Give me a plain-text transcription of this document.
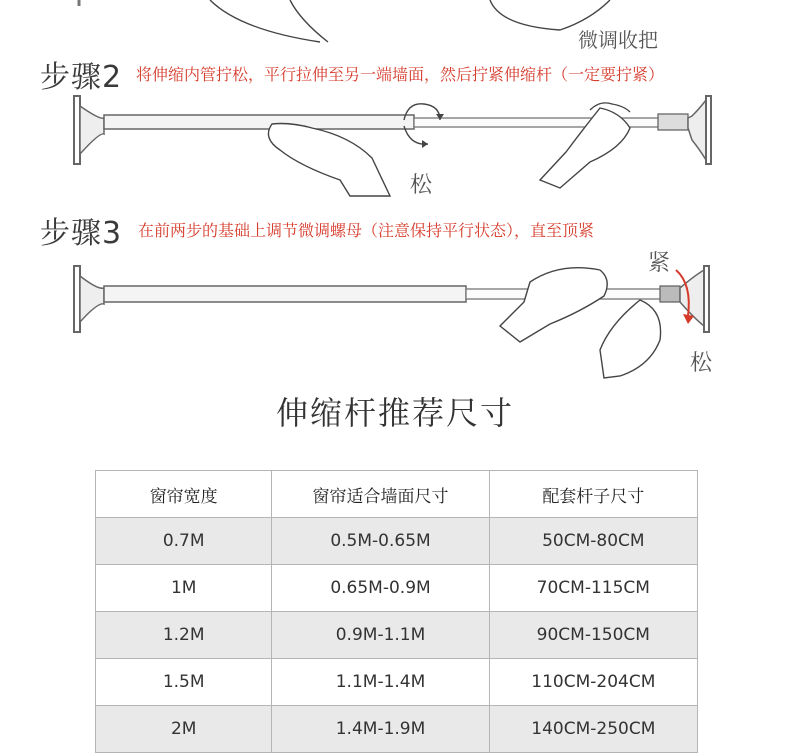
微调收把
步骤2 将伸缩内管拧松，平行拉伸至另一端墙面，然后拧紧伸缩杆（一定要拧紧）
松
步骤3 在前两步的基础上调节微调螺母（注意保持平行状态），直至顶紧
紧
松
伸缩杆推荐尺寸
窗帘宽度	窗帘适合墙面尺寸	配套杆子尺寸
0.7M	0.5M-0.65M	50CM-80CM
1M	0.65M-0.9M	70CM-115CM
1.2M	0.9M-1.1M	90CM-150CM
1.5M	1.1M-1.4M	110CM-204CM
2M	1.4M-1.9M	140CM-250CM
